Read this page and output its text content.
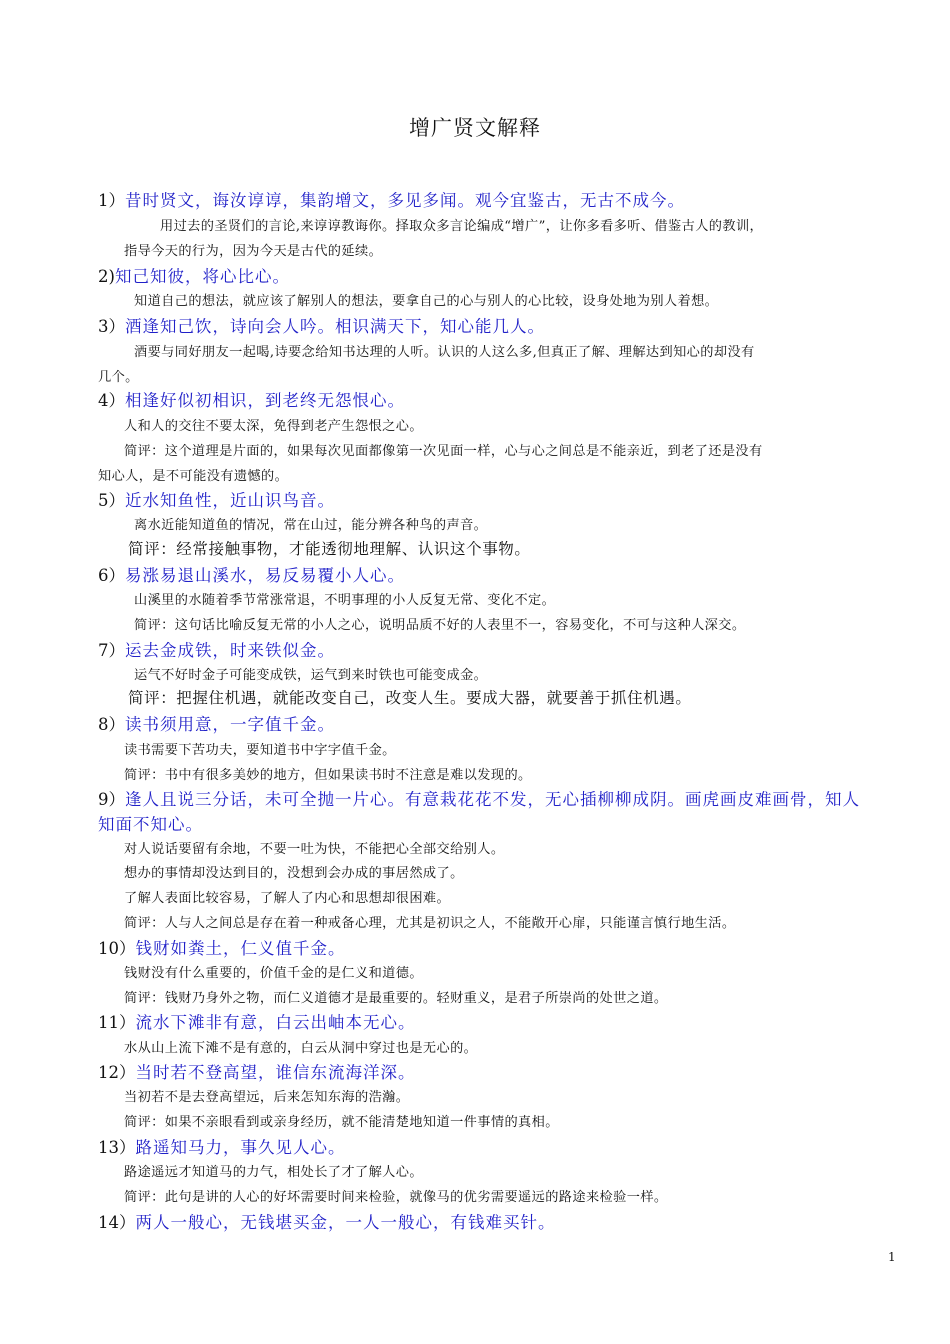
增广贤文解释
1）昔时贤文，诲汝谆谆，集韵增文，多见多闻。观今宜鉴古，无古不成今。
用过去的圣贤们的言论,来谆谆教诲你。择取众多言论编成“增广”，让你多看多听、借鉴古人的教训，
指导今天的行为，因为今天是古代的延续。
2)知己知彼，将心比心。
知道自己的想法，就应该了解别人的想法，要拿自己的心与别人的心比较，设身处地为别人着想。
3）酒逢知己饮，诗向会人吟。相识满天下，知心能几人。
酒要与同好朋友一起喝,诗要念给知书达理的人听。认识的人这么多,但真正了解、理解达到知心的却没有
几个。
4）相逢好似初相识，到老终无怨恨心。
人和人的交往不要太深，免得到老产生怨恨之心。
简评：这个道理是片面的，如果每次见面都像第一次见面一样，心与心之间总是不能亲近，到老了还是没有
知心人，是不可能没有遗憾的。
5）近水知鱼性，近山识鸟音。
离水近能知道鱼的情况，常在山过，能分辨各种鸟的声音。
简评：经常接触事物，才能透彻地理解、认识这个事物。
6）易涨易退山溪水，易反易覆小人心。
山溪里的水随着季节常涨常退，不明事理的小人反复无常、变化不定。
简评：这句话比喻反复无常的小人之心，说明品质不好的人表里不一，容易变化，不可与这种人深交。
7）运去金成铁，时来铁似金。
运气不好时金子可能变成铁，运气到来时铁也可能变成金。
简评：把握住机遇，就能改变自己，改变人生。要成大器，就要善于抓住机遇。
8）读书须用意，一字值千金。
读书需要下苦功夫，要知道书中字字值千金。
简评：书中有很多美妙的地方，但如果读书时不注意是难以发现的。
9）逢人且说三分话，未可全抛一片心。有意栽花花不发，无心插柳柳成阴。画虎画皮难画骨，知人
知面不知心。
对人说话要留有余地，不要一吐为快，不能把心全部交给别人。
想办的事情却没达到目的，没想到会办成的事居然成了。
了解人表面比较容易，了解人了内心和思想却很困难。
简评：人与人之间总是存在着一种戒备心理，尤其是初识之人，不能敞开心扉，只能谨言慎行地生活。
10）钱财如粪土，仁义值千金。
钱财没有什么重要的，价值千金的是仁义和道德。
简评：钱财乃身外之物，而仁义道德才是最重要的。轻财重义，是君子所崇尚的处世之道。
11）流水下滩非有意，白云出岫本无心。
水从山上流下滩不是有意的，白云从洞中穿过也是无心的。
12）当时若不登高望，谁信东流海洋深。
当初若不是去登高望远，后来怎知东海的浩瀚。
简评：如果不亲眼看到或亲身经历，就不能清楚地知道一件事情的真相。
13）路遥知马力，事久见人心。
路途遥远才知道马的力气，相处长了才了解人心。
简评：此句是讲的人心的好坏需要时间来检验，就像马的优劣需要遥远的路途来检验一样。
14）两人一般心，无钱堪买金，一人一般心，有钱难买针。
1
